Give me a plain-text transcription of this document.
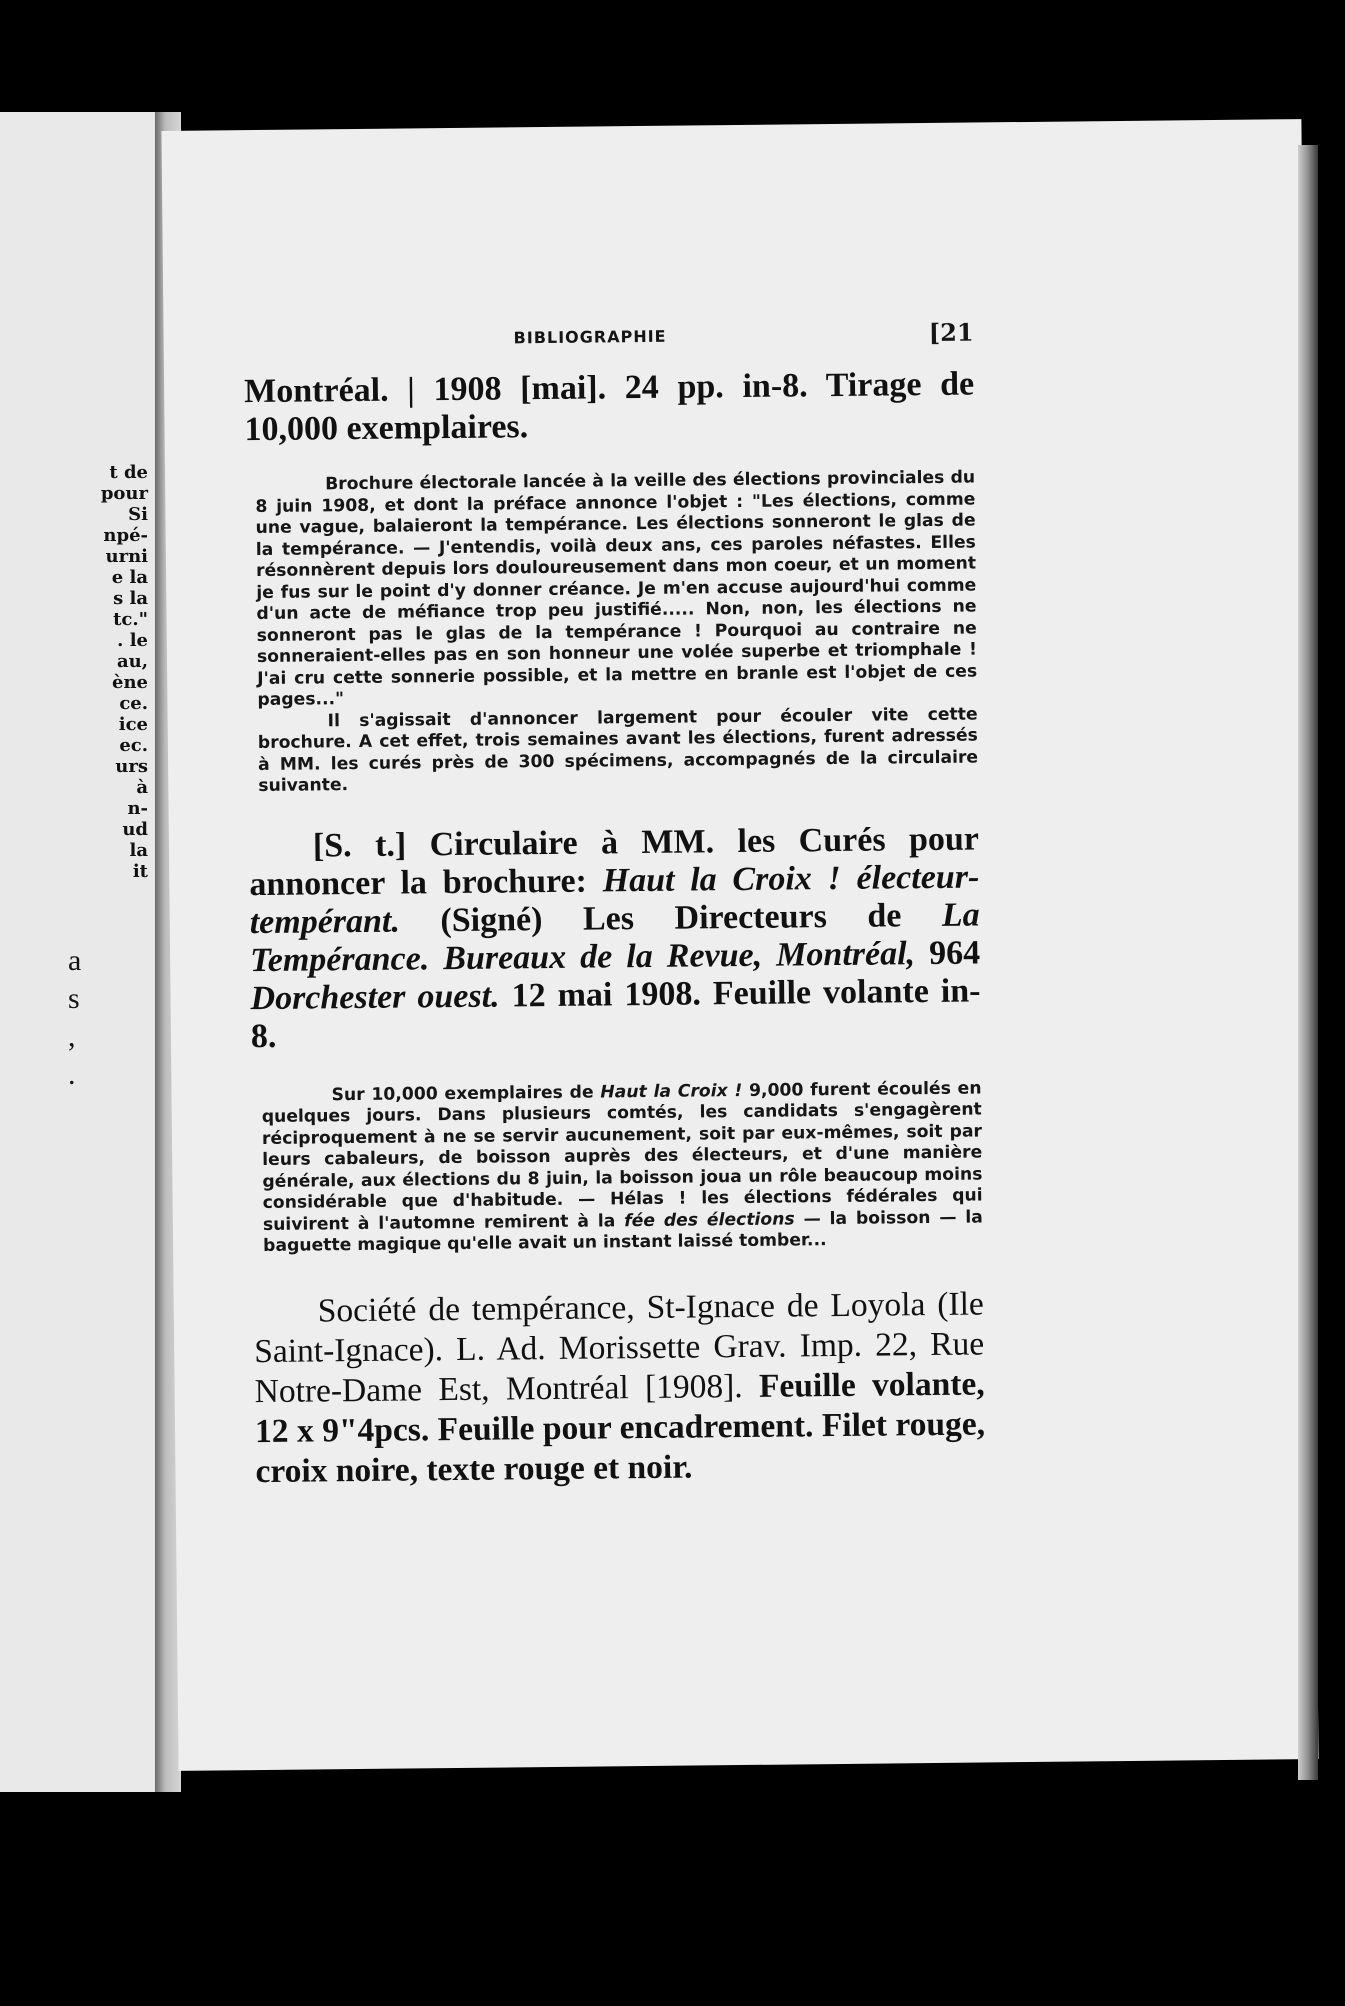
t de
pour
Si
npé-
urni
e la
s la
tc."
. le
au,
ène
ce.
ice
ec.
urs
à
n-
ud
la
it
a
s
,
.
BIBLIOGRAPHIE	[21

Montréal. | 1908 [mai]. 24 pp. in-8. Tirage de 10,000 exemplaires.

Brochure électorale lancée à la veille des élections provinciales du 8 juin 1908, et dont la préface annonce l'objet : "Les élections, comme une vague, balaieront la tempérance. Les élections sonneront le glas de la tempérance. — J'entendis, voilà deux ans, ces paroles néfastes. Elles résonnèrent depuis lors douloureusement dans mon coeur, et un moment je fus sur le point d'y donner créance. Je m'en accuse aujourd'hui comme d'un acte de méfiance trop peu justifié..... Non, non, les élections ne sonneront pas le glas de la tempérance ! Pourquoi au contraire ne sonneraient-elles pas en son honneur une volée superbe et triomphale ! J'ai cru cette sonnerie possible, et la mettre en branle est l'objet de ces pages..."

Il s'agissait d'annoncer largement pour écouler vite cette brochure. A cet effet, trois semaines avant les élections, furent adressés à MM. les curés près de 300 spécimens, accompagnés de la circulaire suivante.

[S. t.] Circulaire à MM. les Curés pour annoncer la brochure: Haut la Croix ! électeur-tempérant. (Signé) Les Directeurs de La Tempérance. Bureaux de la Revue, Montréal, 964 Dorchester ouest. 12 mai 1908. Feuille volante in-8.

Sur 10,000 exemplaires de Haut la Croix ! 9,000 furent écoulés en quelques jours. Dans plusieurs comtés, les candidats s'engagèrent réciproquement à ne se servir aucunement, soit par eux-mêmes, soit par leurs cabaleurs, de boisson auprès des électeurs, et d'une manière générale, aux élections du 8 juin, la boisson joua un rôle beaucoup moins considérable que d'habitude. — Hélas ! les élections fédérales qui suivirent à l'automne remirent à la fée des élections — la boisson — la baguette magique qu'elle avait un instant laissé tomber...

Société de tempérance, St-Ignace de Loyola (Ile Saint-Ignace). L. Ad. Morissette Grav. Imp. 22, Rue Notre-Dame Est, Montréal [1908]. Feuille volante, 12 x 9"4pcs. Feuille pour encadrement. Filet rouge, croix noire, texte rouge et noir.
